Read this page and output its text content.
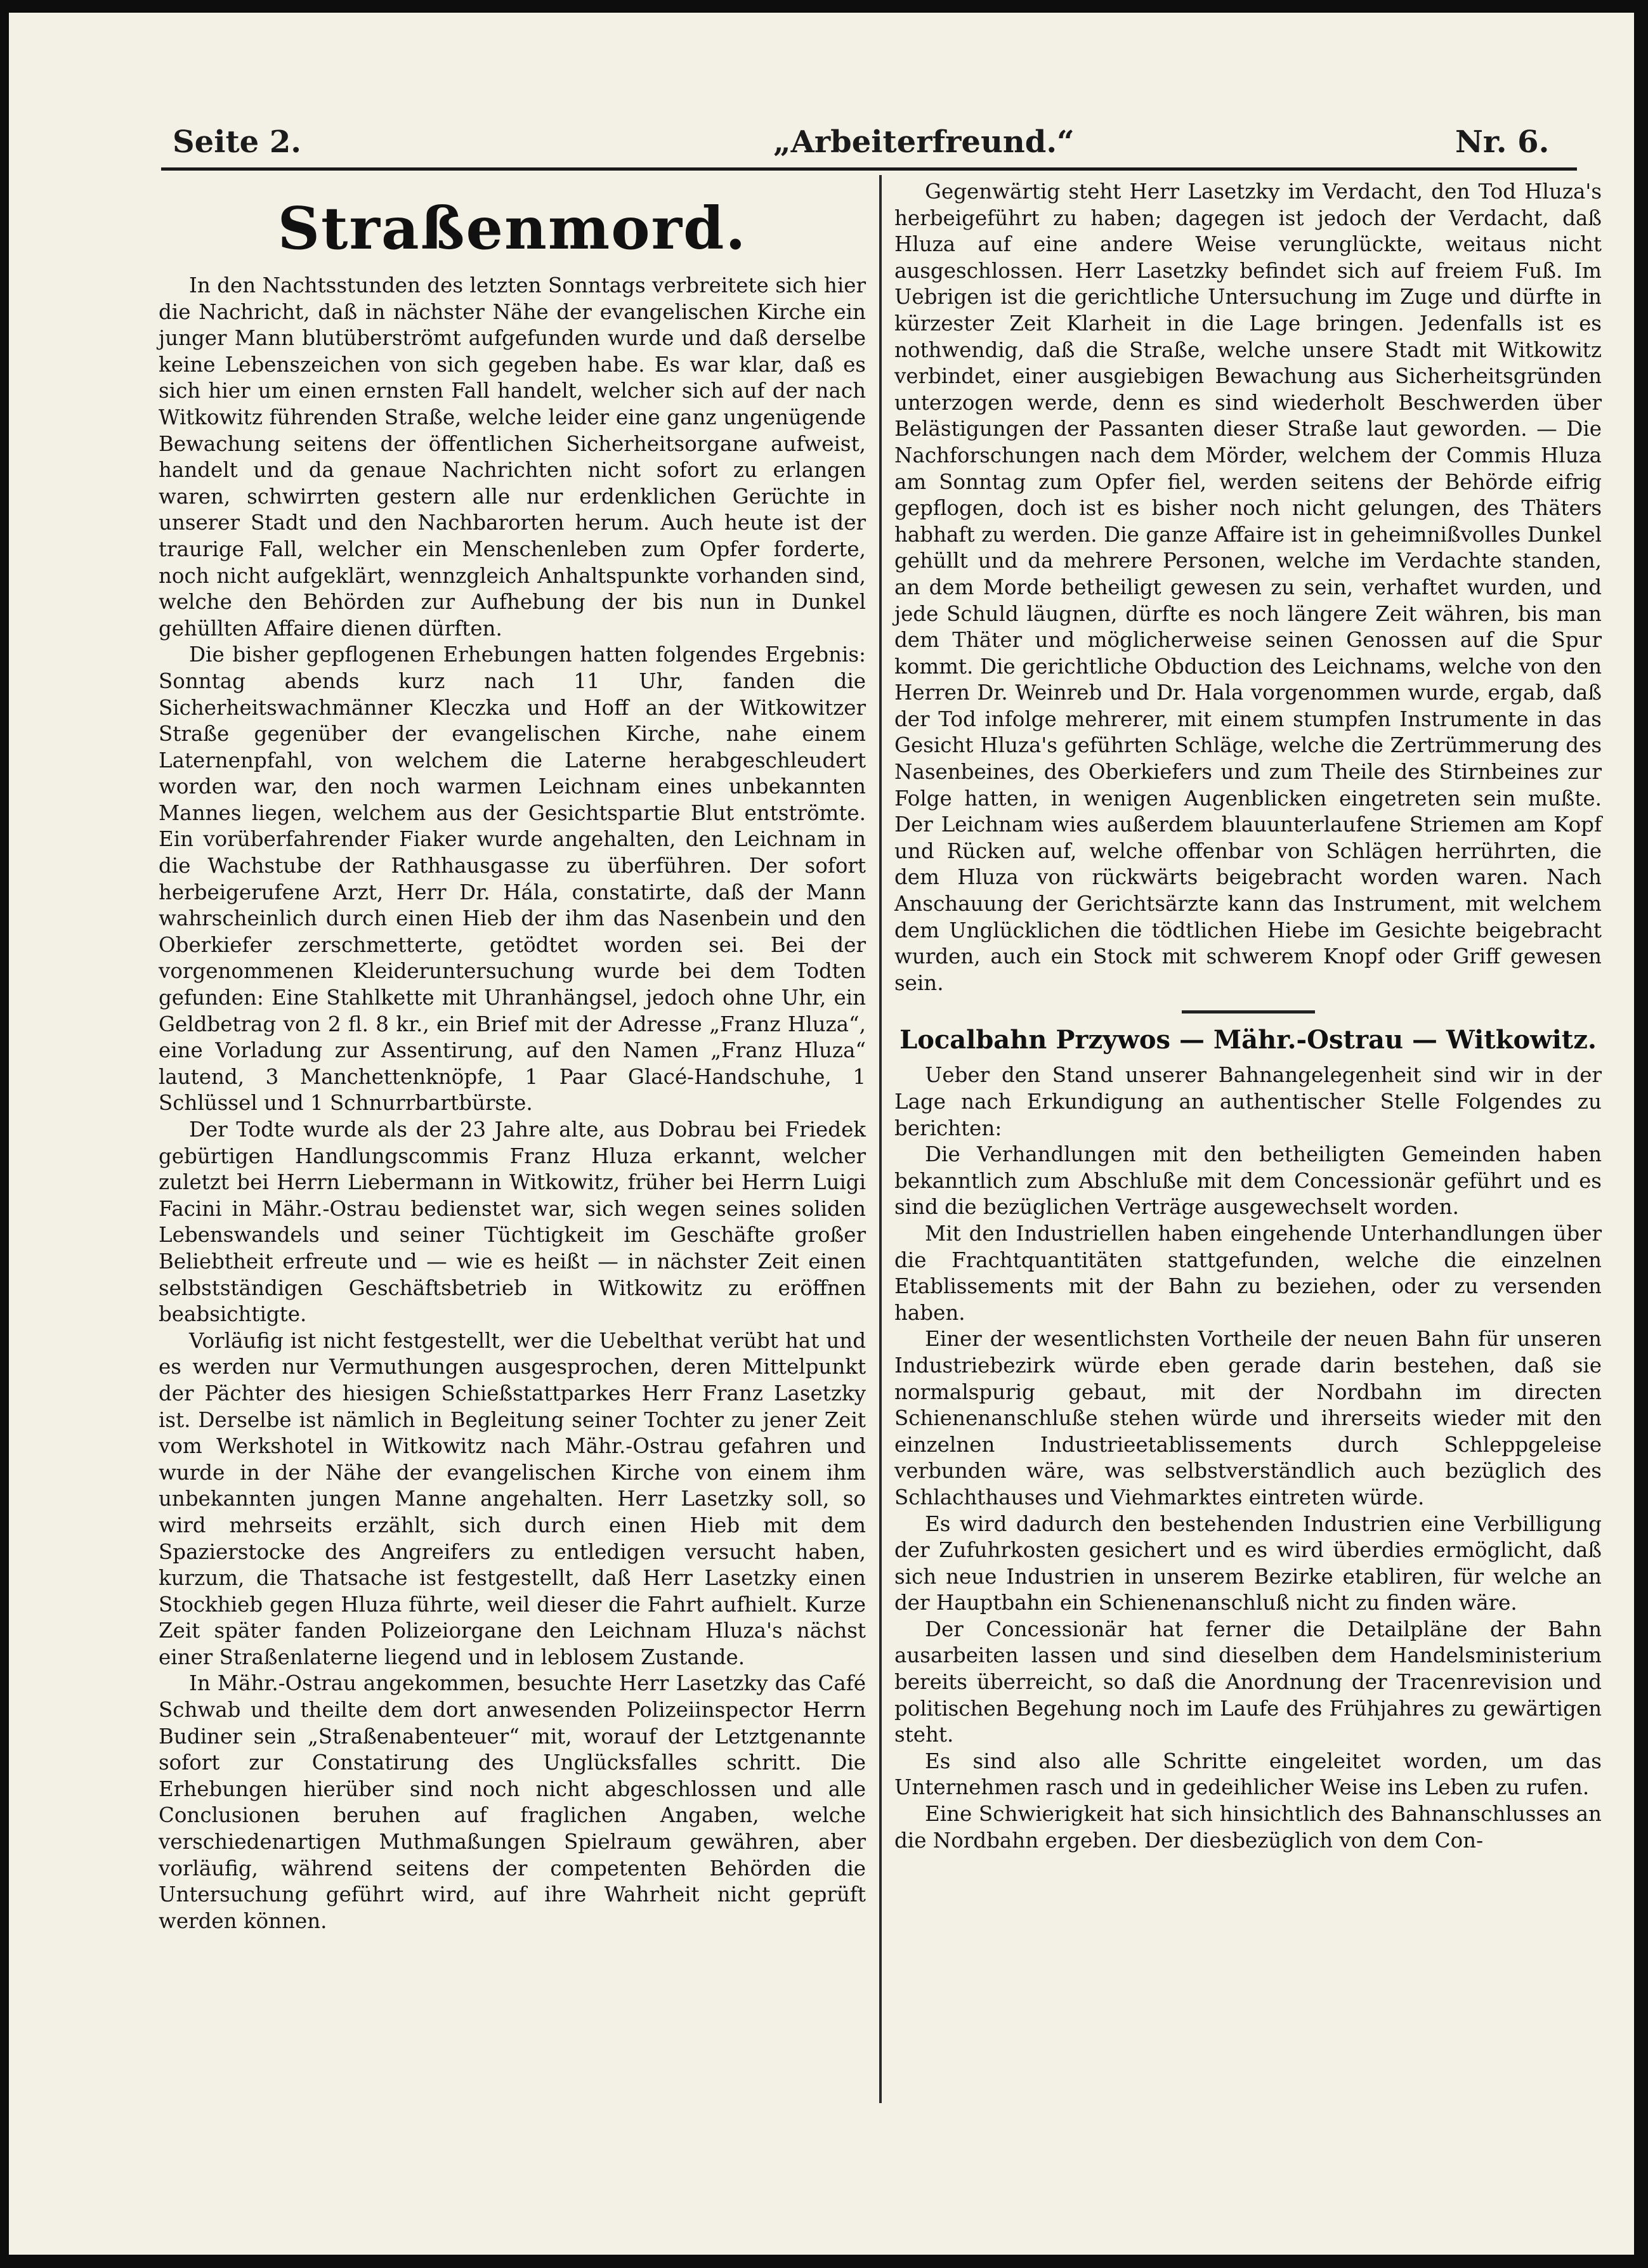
Seite 2.	„Arbeiterfreund.“	Nr. 6.
Straßenmord.

In den Nachtsstunden des letzten Sonntags verbreitete sich hier die Nachricht, daß in nächster Nähe der evangelischen Kirche ein junger Mann blutüberströmt aufgefunden wurde und daß derselbe keine Lebenszeichen von sich gegeben habe. Es war klar, daß es sich hier um einen ernsten Fall handelt, welcher sich auf der nach Witkowitz führenden Straße, welche leider eine ganz ungenügende Bewachung seitens der öffentlichen Sicherheitsorgane aufweist, handelt und da genaue Nachrichten nicht sofort zu erlangen waren, schwirrten gestern alle nur erdenklichen Gerüchte in unserer Stadt und den Nachbarorten herum. Auch heute ist der traurige Fall, welcher ein Menschenleben zum Opfer forderte, noch nicht aufgeklärt, wennzgleich Anhaltspunkte vorhanden sind, welche den Behörden zur Aufhebung der bis nun in Dunkel gehüllten Affaire dienen dürften.

Die bisher gepflogenen Erhebungen hatten folgendes Ergebnis: Sonntag abends kurz nach 11 Uhr, fanden die Sicherheitswachmänner Kleczka und Hoff an der Witkowitzer Straße gegenüber der evangelischen Kirche, nahe einem Laternenpfahl, von welchem die Laterne herabgeschleudert worden war, den noch warmen Leichnam eines unbekannten Mannes liegen, welchem aus der Gesichtspartie Blut entströmte. Ein vorüberfahrender Fiaker wurde angehalten, den Leichnam in die Wachstube der Rathhausgasse zu überführen. Der sofort herbeigerufene Arzt, Herr Dr. Hála, constatirte, daß der Mann wahrscheinlich durch einen Hieb der ihm das Nasenbein und den Oberkiefer zerschmetterte, getödtet worden sei. Bei der vorgenommenen Kleideruntersuchung wurde bei dem Todten gefunden: Eine Stahlkette mit Uhranhängsel, jedoch ohne Uhr, ein Geldbetrag von 2 fl. 8 kr., ein Brief mit der Adresse „Franz Hluza“, eine Vorladung zur Assentirung, auf den Namen „Franz Hluza“ lautend, 3 Manchettenknöpfe, 1 Paar Glacé-Handschuhe, 1 Schlüssel und 1 Schnurrbartbürste.

Der Todte wurde als der 23 Jahre alte, aus Dobrau bei Friedek gebürtigen Handlungscommis Franz Hluza erkannt, welcher zuletzt bei Herrn Liebermann in Witkowitz, früher bei Herrn Luigi Facini in Mähr.-Ostrau bedienstet war, sich wegen seines soliden Lebenswandels und seiner Tüchtigkeit im Geschäfte großer Beliebtheit erfreute und — wie es heißt — in nächster Zeit einen selbstständigen Geschäftsbetrieb in Witkowitz zu eröffnen beabsichtigte.

Vorläufig ist nicht festgestellt, wer die Uebelthat verübt hat und es werden nur Vermuthungen ausgesprochen, deren Mittelpunkt der Pächter des hiesigen Schießstattparkes Herr Franz Lasetzky ist. Derselbe ist nämlich in Begleitung seiner Tochter zu jener Zeit vom Werkshotel in Witkowitz nach Mähr.-Ostrau gefahren und wurde in der Nähe der evangelischen Kirche von einem ihm unbekannten jungen Manne angehalten. Herr Lasetzky soll, so wird mehrseits erzählt, sich durch einen Hieb mit dem Spazierstocke des Angreifers zu entledigen versucht haben, kurzum, die Thatsache ist festgestellt, daß Herr Lasetzky einen Stockhieb gegen Hluza führte, weil dieser die Fahrt aufhielt. Kurze Zeit später fanden Polizeiorgane den Leichnam Hluza's nächst einer Straßenlaterne liegend und in leblosem Zustande.

In Mähr.-Ostrau angekommen, besuchte Herr Lasetzky das Café Schwab und theilte dem dort anwesenden Polizeiinspector Herrn Budiner sein „Straßenabenteuer“ mit, worauf der Letztgenannte sofort zur Constatirung des Unglücksfalles schritt. Die Erhebungen hierüber sind noch nicht abgeschlossen und alle Conclusionen beruhen auf fraglichen Angaben, welche verschiedenartigen Muthmaßungen Spielraum gewähren, aber vorläufig, während seitens der competenten Behörden die Untersuchung geführt wird, auf ihre Wahrheit nicht geprüft werden können.

Gegenwärtig steht Herr Lasetzky im Verdacht, den Tod Hluza's herbeigeführt zu haben; dagegen ist jedoch der Verdacht, daß Hluza auf eine andere Weise verunglückte, weitaus nicht ausgeschlossen. Herr Lasetzky befindet sich auf freiem Fuß. Im Uebrigen ist die gerichtliche Untersuchung im Zuge und dürfte in kürzester Zeit Klarheit in die Lage bringen. Jedenfalls ist es nothwendig, daß die Straße, welche unsere Stadt mit Witkowitz verbindet, einer ausgiebigen Bewachung aus Sicherheitsgründen unterzogen werde, denn es sind wiederholt Beschwerden über Belästigungen der Passanten dieser Straße laut geworden. — Die Nachforschungen nach dem Mörder, welchem der Commis Hluza am Sonntag zum Opfer fiel, werden seitens der Behörde eifrig gepflogen, doch ist es bisher noch nicht gelungen, des Thäters habhaft zu werden. Die ganze Affaire ist in geheimnißvolles Dunkel gehüllt und da mehrere Personen, welche im Verdachte standen, an dem Morde betheiligt gewesen zu sein, verhaftet wurden, und jede Schuld läugnen, dürfte es noch längere Zeit währen, bis man dem Thäter und möglicherweise seinen Genossen auf die Spur kommt. Die gerichtliche Obduction des Leichnams, welche von den Herren Dr. Weinreb und Dr. Hala vorgenommen wurde, ergab, daß der Tod infolge mehrerer, mit einem stumpfen Instrumente in das Gesicht Hluza's geführten Schläge, welche die Zertrümmerung des Nasenbeines, des Oberkiefers und zum Theile des Stirnbeines zur Folge hatten, in wenigen Augenblicken eingetreten sein mußte. Der Leichnam wies außerdem blauunterlaufene Striemen am Kopf und Rücken auf, welche offenbar von Schlägen herrührten, die dem Hluza von rückwärts beigebracht worden waren. Nach Anschauung der Gerichtsärzte kann das Instrument, mit welchem dem Unglücklichen die tödtlichen Hiebe im Gesichte beigebracht wurden, auch ein Stock mit schwerem Knopf oder Griff gewesen sein.

Localbahn Przywos — Mähr.-Ostrau — Witkowitz.

Ueber den Stand unserer Bahnangelegenheit sind wir in der Lage nach Erkundigung an authentischer Stelle Folgendes zu berichten:

Die Verhandlungen mit den betheiligten Gemeinden haben bekanntlich zum Abschluße mit dem Concessionär geführt und es sind die bezüglichen Verträge ausgewechselt worden.

Mit den Industriellen haben eingehende Unterhandlungen über die Frachtquantitäten stattgefunden, welche die einzelnen Etablissements mit der Bahn zu beziehen, oder zu versenden haben.

Einer der wesentlichsten Vortheile der neuen Bahn für unseren Industriebezirk würde eben gerade darin bestehen, daß sie normalspurig gebaut, mit der Nordbahn im directen Schienenanschluße stehen würde und ihrerseits wieder mit den einzelnen Industrieetablissements durch Schleppgeleise verbunden wäre, was selbstverständlich auch bezüglich des Schlachthauses und Viehmarktes eintreten würde.

Es wird dadurch den bestehenden Industrien eine Verbilligung der Zufuhrkosten gesichert und es wird überdies ermöglicht, daß sich neue Industrien in unserem Bezirke etabliren, für welche an der Hauptbahn ein Schienenanschluß nicht zu finden wäre.

Der Concessionär hat ferner die Detailpläne der Bahn ausarbeiten lassen und sind dieselben dem Handelsministerium bereits überreicht, so daß die Anordnung der Tracenrevision und politischen Begehung noch im Laufe des Frühjahres zu gewärtigen steht.

Es sind also alle Schritte eingeleitet worden, um das Unternehmen rasch und in gedeihlicher Weise ins Leben zu rufen.

Eine Schwierigkeit hat sich hinsichtlich des Bahnanschlusses an die Nordbahn ergeben. Der diesbezüglich von dem Con-
